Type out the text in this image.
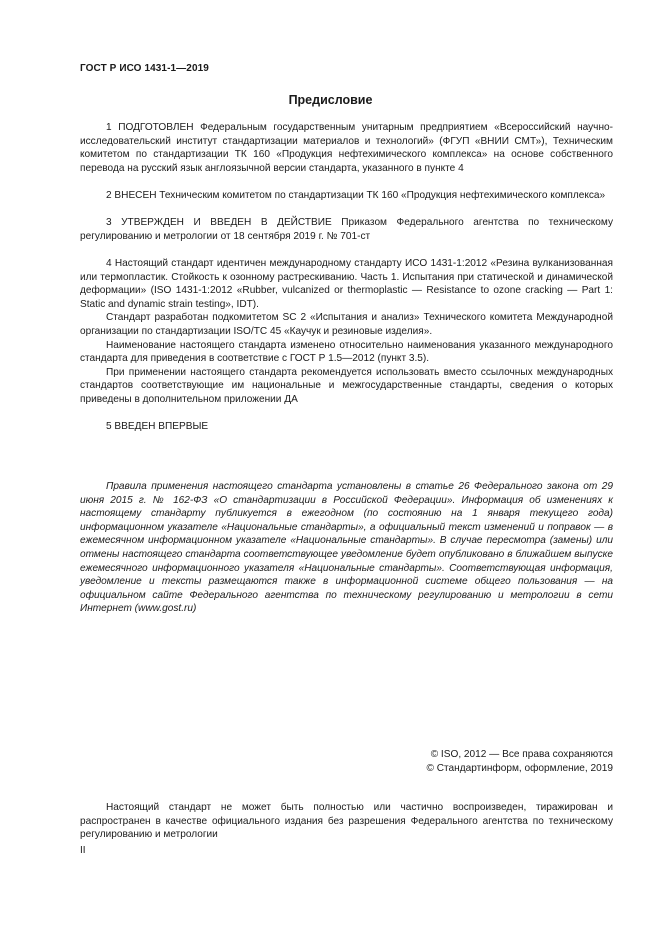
ГОСТ Р ИСО 1431-1—2019
Предисловие

1 ПОДГОТОВЛЕН Федеральным государственным унитарным предприятием «Всероссийский научно-исследовательский институт стандартизации материалов и технологий» (ФГУП «ВНИИ СМТ»), Техническим комитетом по стандартизации ТК 160 «Продукция нефтехимического комплекса» на основе собственного перевода на русский язык англоязычной версии стандарта, указанного в пункте 4

2 ВНЕСЕН Техническим комитетом по стандартизации ТК 160 «Продукция нефтехимического комплекса»

3 УТВЕРЖДЕН И ВВЕДЕН В ДЕЙСТВИЕ Приказом Федерального агентства по техническому регулированию и метрологии от 18 сентября 2019 г. № 701-ст

4 Настоящий стандарт идентичен международному стандарту ИСО 1431-1:2012 «Резина вулканизованная или термопластик. Стойкость к озонному растрескиванию. Часть 1. Испытания при статической и динамической деформации» (ISO 1431-1:2012 «Rubber, vulcanized or thermoplastic — Resistance to ozone cracking — Part 1: Static and dynamic strain testing», IDT).

Стандарт разработан подкомитетом SC 2 «Испытания и анализ» Технического комитета Международной организации по стандартизации ISO/TC 45 «Каучук и резиновые изделия».

Наименование настоящего стандарта изменено относительно наименования указанного международного стандарта для приведения в соответствие с ГОСТ Р 1.5—2012 (пункт 3.5).

При применении настоящего стандарта рекомендуется использовать вместо ссылочных международных стандартов соответствующие им национальные и межгосударственные стандарты, сведения о которых приведены в дополнительном приложении ДА

5 ВВЕДЕН ВПЕРВЫЕ

Правила применения настоящего стандарта установлены в статье 26 Федерального закона от 29 июня 2015 г. № 162-ФЗ «О стандартизации в Российской Федерации». Информация об изменениях к настоящему стандарту публикуется в ежегодном (по состоянию на 1 января текущего года) информационном указателе «Национальные стандарты», а официальный текст изменений и поправок — в ежемесячном информационном указателе «Национальные стандарты». В случае пересмотра (замены) или отмены настоящего стандарта соответствующее уведомление будет опубликовано в ближайшем выпуске ежемесячного информационного указателя «Национальные стандарты». Соответствующая информация, уведомление и тексты размещаются также в информационной системе общего пользования — на официальном сайте Федерального агентства по техническому регулированию и метрологии в сети Интернет (www.gost.ru)

© ISO, 2012 — Все права сохраняются
© Стандартинформ, оформление, 2019

Настоящий стандарт не может быть полностью или частично воспроизведен, тиражирован и распространен в качестве официального издания без разрешения Федерального агентства по техническому регулированию и метрологии

II
